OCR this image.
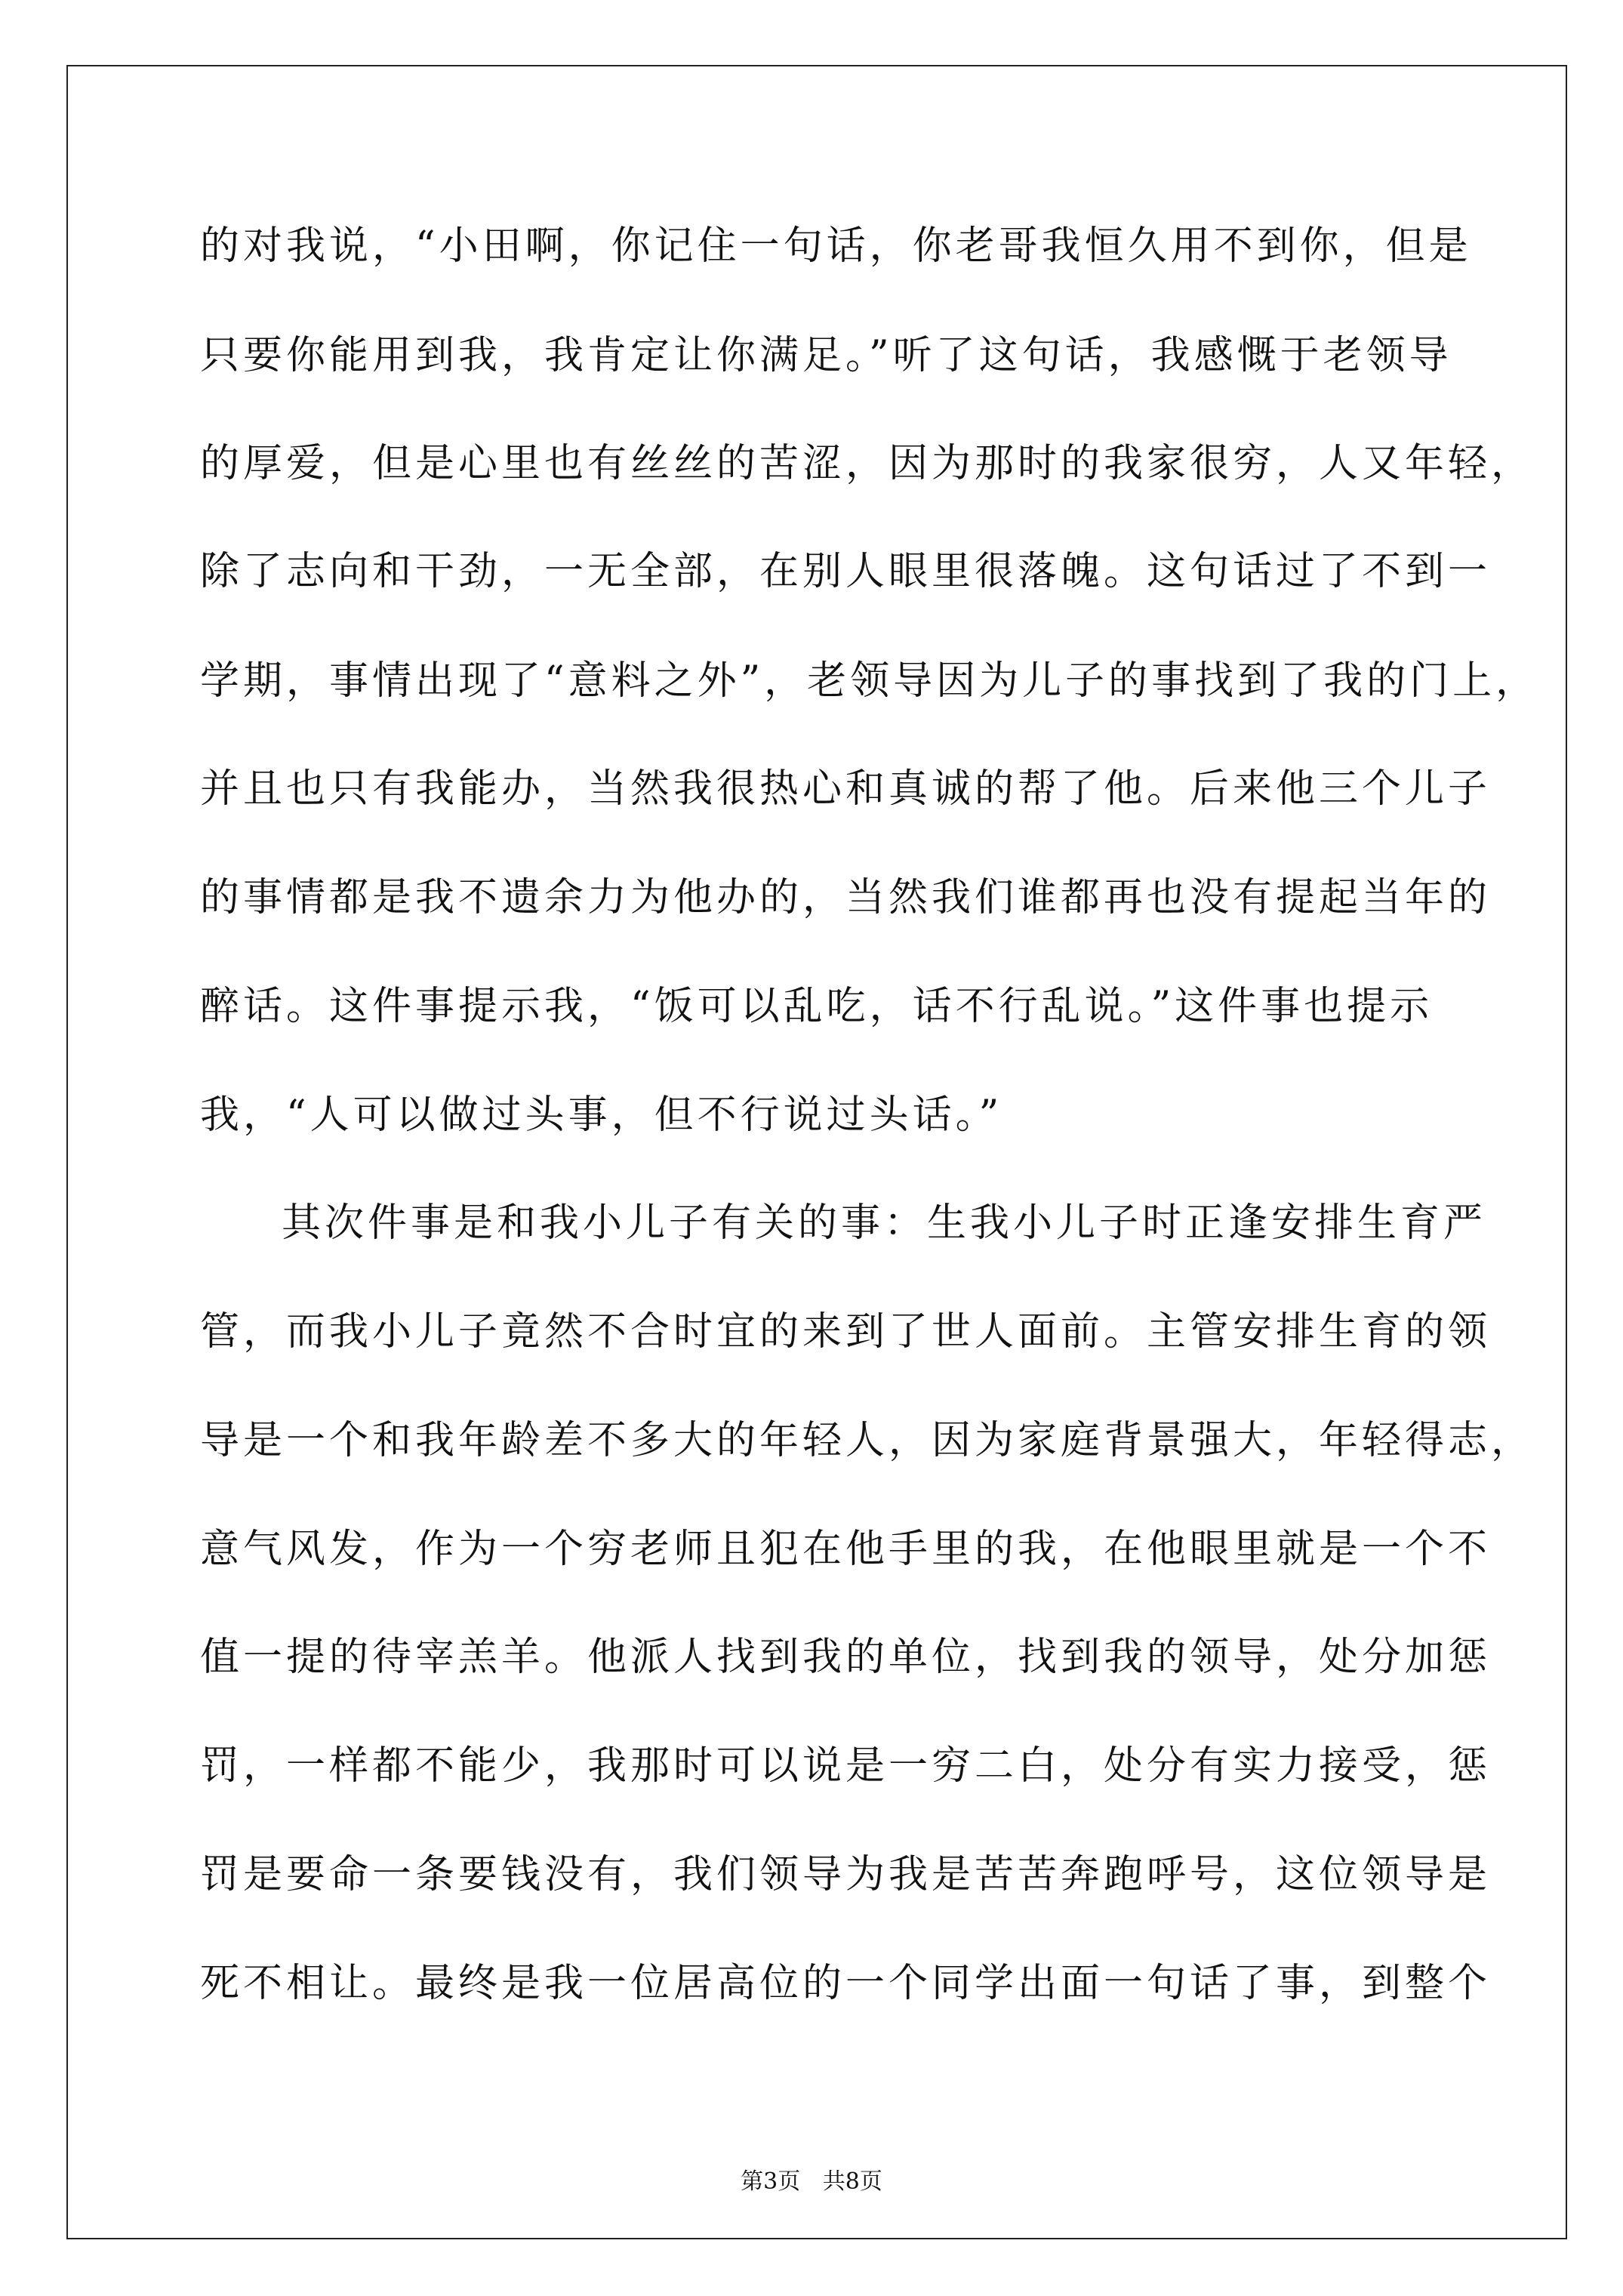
的对我说，“小田啊，你记住一句话，你老哥我恒久用不到你，但是
只要你能用到我，我肯定让你满足。”听了这句话，我感慨于老领导
的厚爱，但是心里也有丝丝的苦涩，因为那时的我家很穷，人又年轻，
除了志向和干劲，一无全部，在别人眼里很落魄。这句话过了不到一
学期，事情出现了“意料之外”，老领导因为儿子的事找到了我的门上，
并且也只有我能办，当然我很热心和真诚的帮了他。后来他三个儿子
的事情都是我不遗余力为他办的，当然我们谁都再也没有提起当年的
醉话。这件事提示我，“饭可以乱吃，话不行乱说。”这件事也提示
我，“人可以做过头事，但不行说过头话。”
其次件事是和我小儿子有关的事：生我小儿子时正逢安排生育严
管，而我小儿子竟然不合时宜的来到了世人面前。主管安排生育的领
导是一个和我年龄差不多大的年轻人，因为家庭背景强大，年轻得志，
意气风发，作为一个穷老师且犯在他手里的我，在他眼里就是一个不
值一提的待宰羔羊。他派人找到我的单位，找到我的领导，处分加惩
罚，一样都不能少，我那时可以说是一穷二白，处分有实力接受，惩
罚是要命一条要钱没有，我们领导为我是苦苦奔跑呼号，这位领导是
死不相让。最终是我一位居高位的一个同学出面一句话了事，到整个
第3页 共8页
